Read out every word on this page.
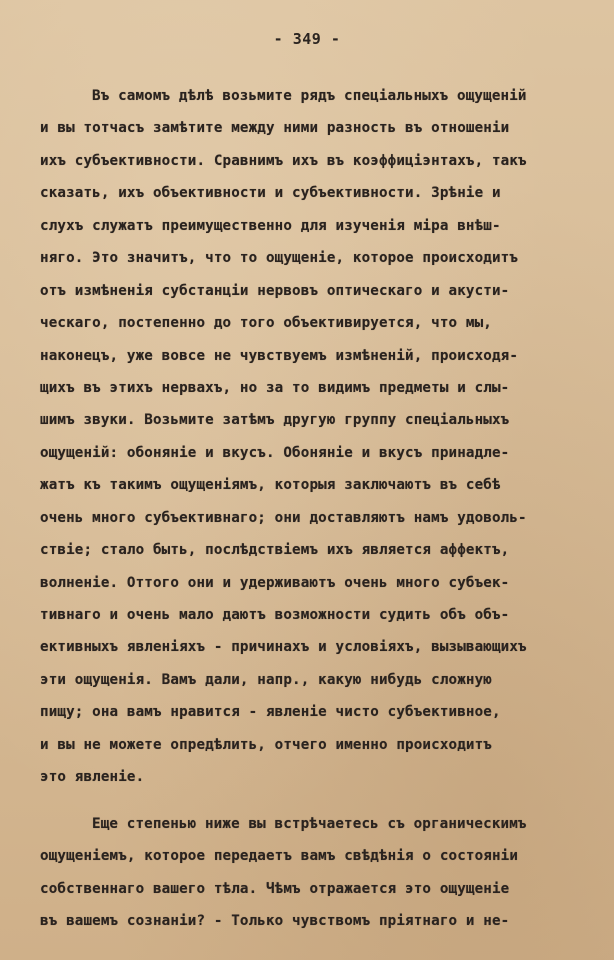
- 349 -
Въ самомъ дѣлѣ возьмите рядъ спеціальныхъ ощущеній
и вы тотчасъ замѣтите между ними разность въ отношеніи
ихъ субъективности. Сравнимъ ихъ въ коэффиціэнтахъ, такъ
сказать, ихъ объективности и субъективности. Зрѣніе и
слухъ служатъ преимущественно для изученія міра внѣш-
няго. Это значитъ, что то ощущеніе, которое происходитъ
отъ измѣненія субстанціи нервовъ оптическаго и акусти-
ческаго, постепенно до того объективируется, что мы,
наконецъ, уже вовсе не чувствуемъ измѣненій, происходя-
щихъ въ этихъ нервахъ, но за то видимъ предметы и слы-
шимъ звуки. Возьмите затѣмъ другую группу спеціальныхъ
ощущеній: обоняніе и вкусъ. Обоняніе и вкусъ принадле-
жатъ къ такимъ ощущеніямъ, которыя заключаютъ въ себѣ
очень много субъективнаго; они доставляютъ намъ удоволь-
ствіе; стало быть, послѣдствіемъ ихъ является аффектъ,
волненіе. Оттого они и удерживаютъ очень много субъек-
тивнаго и очень мало даютъ возможности судить объ объ-
ективныхъ явленіяхъ - причинахъ и условіяхъ, вызывающихъ
эти ощущенія. Вамъ дали, напр., какую нибудь сложную
пищу; она вамъ нравится - явленіе чисто субъективное,
и вы не можете опредѣлить, отчего именно происходитъ
это явленіе.
Еще степенью ниже вы встрѣчаетесь съ органическимъ
ощущеніемъ, которое передаетъ вамъ свѣдѣнія о состояніи
собственнаго вашего тѣла. Чѣмъ отражается это ощущеніе
въ вашемъ сознаніи? - Только чувствомъ пріятнаго и не-
